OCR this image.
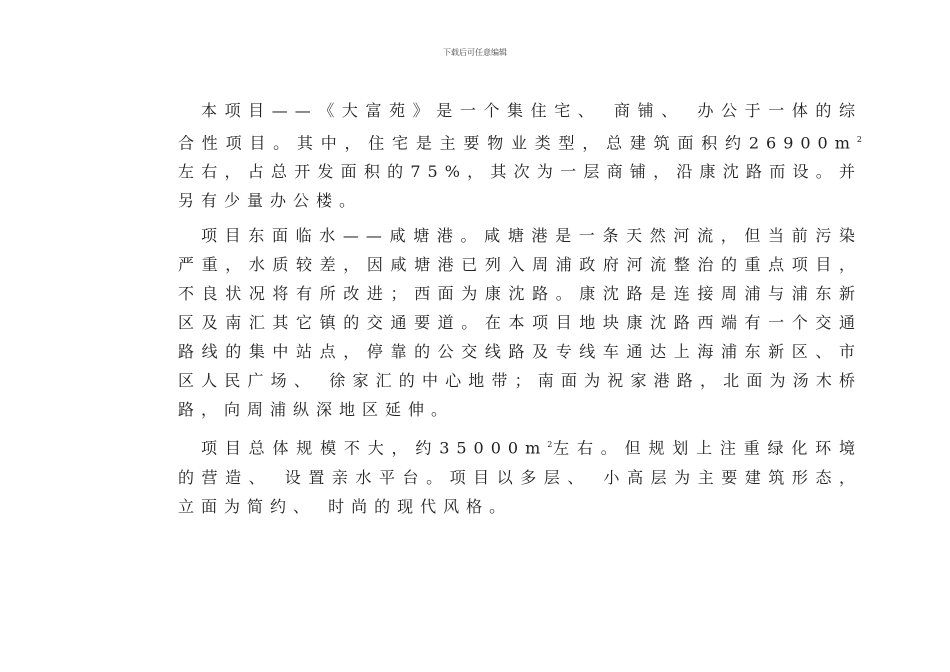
下载后可任意编辑

本项目——《大富苑》是一个集住宅、 商铺、 办公于一体的综合性项目。其中，住宅是主要物业类型，总建筑面积约$26900m^2$左右，占总开发面积的75%，其次为一层商铺，沿康沈路而设。并另有少量办公楼。

项目东面临水——咸塘港。咸塘港是一条天然河流，但当前污染严重，水质较差，因咸塘港已列入周浦政府河流整治的重点项目，不良状况将有所改进；西面为康沈路。康沈路是连接周浦与浦东新区及南汇其它镇的交通要道。在本项目地块康沈路西端有一个交通路线的集中站点，停靠的公交线路及专线车通达上海浦东新区、市区人民广场、 徐家汇的中心地带；南面为祝家港路，北面为汤木桥路，向周浦纵深地区延伸。

项目总体规模不大，约$35000m^2$左右。但规划上注重绿化环境的营造、 设置亲水平台。项目以多层、 小高层为主要建筑形态，立面为简约、 时尚的现代风格。
